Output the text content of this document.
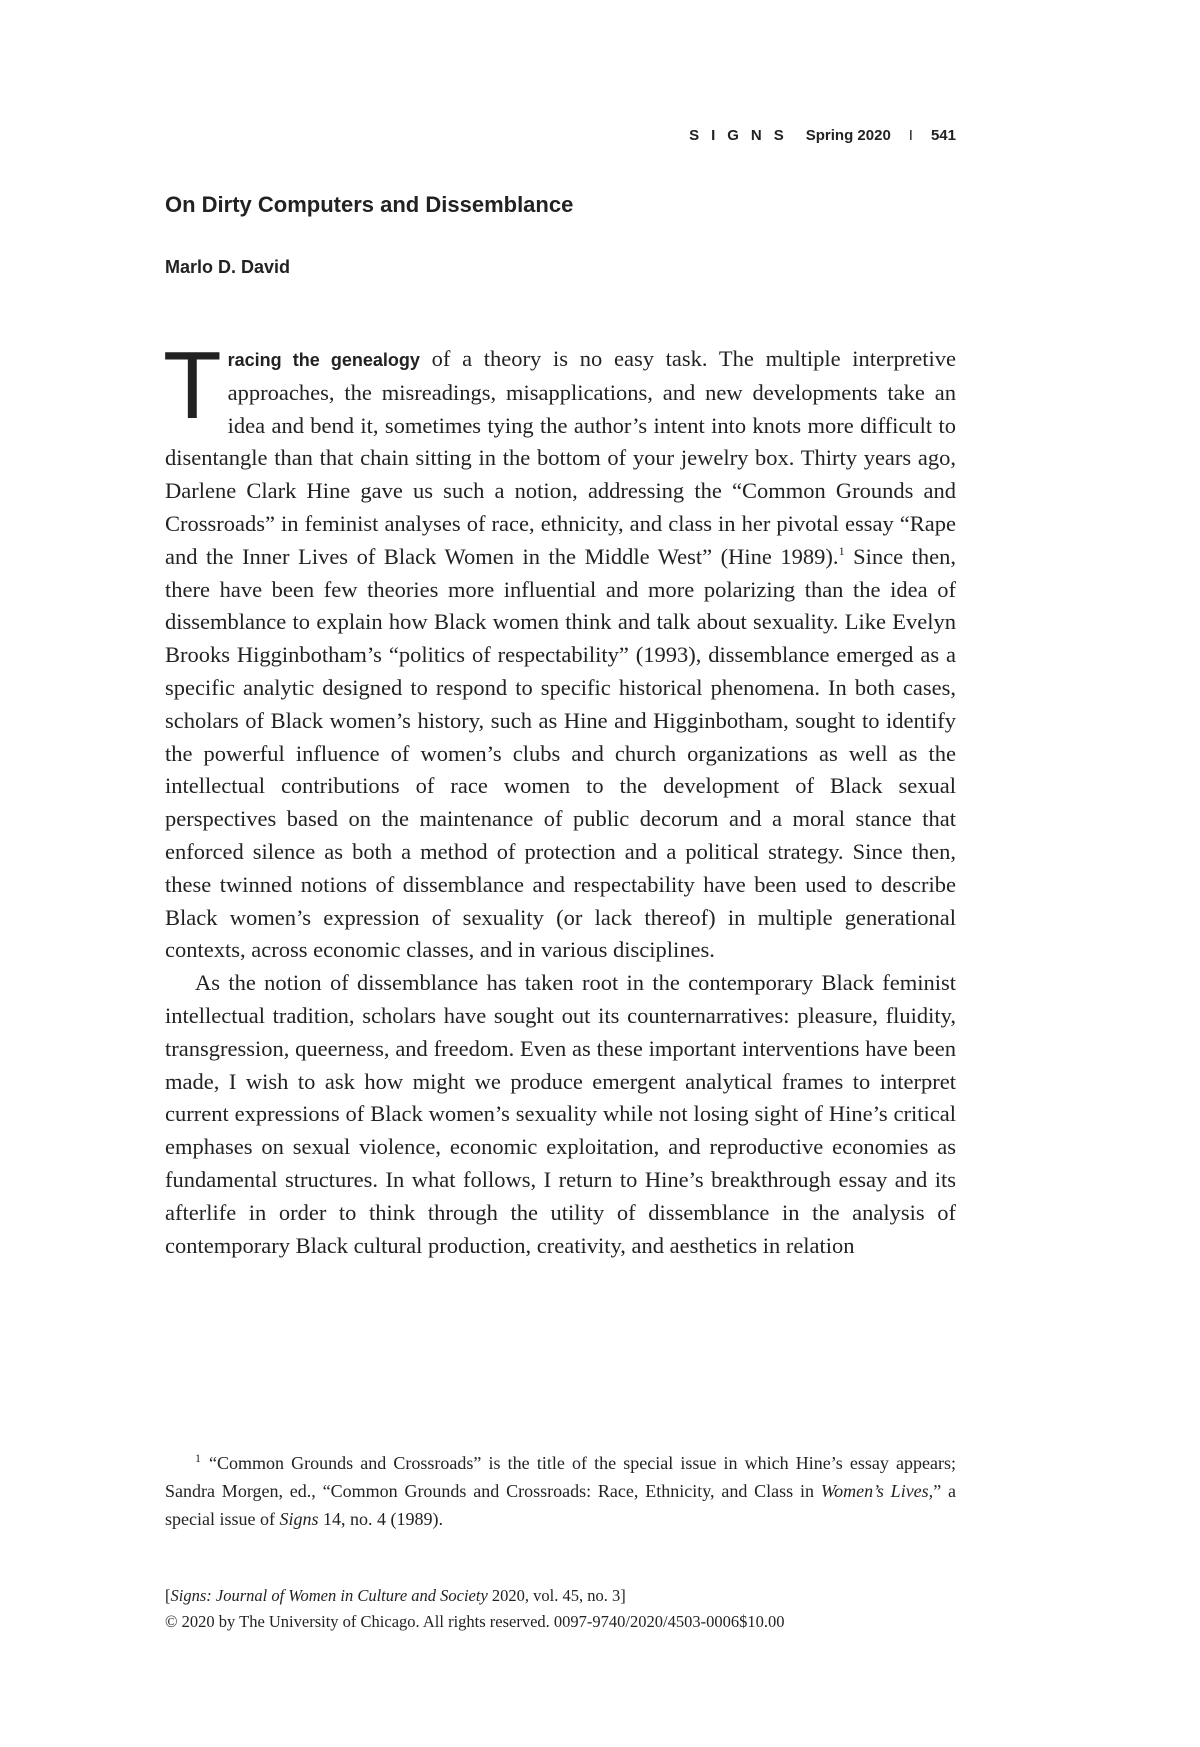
SIGNS Spring 2020 I 541
On Dirty Computers and Dissemblance
Marlo D. David

Tracing the genealogy of a theory is no easy task. The multiple interpretive approaches, the misreadings, misapplications, and new developments take an idea and bend it, sometimes tying the author’s intent into knots more difficult to disentangle than that chain sitting in the bottom of your jewelry box. Thirty years ago, Darlene Clark Hine gave us such a notion, addressing the “Common Grounds and Crossroads” in feminist analyses of race, ethnicity, and class in her pivotal essay “Rape and the Inner Lives of Black Women in the Middle West” (Hine 1989).$^1$ Since then, there have been few theories more influential and more polarizing than the idea of dissemblance to explain how Black women think and talk about sexuality. Like Evelyn Brooks Higginbotham’s “politics of respectability” (1993), dissemblance emerged as a specific analytic designed to respond to specific historical phenomena. In both cases, scholars of Black women’s history, such as Hine and Higginbotham, sought to identify the powerful influence of women’s clubs and church organizations as well as the intellectual contributions of race women to the development of Black sexual perspectives based on the maintenance of public decorum and a moral stance that enforced silence as both a method of protection and a political strategy. Since then, these twinned notions of dissemblance and respectability have been used to describe Black women’s expression of sexuality (or lack thereof) in multiple generational contexts, across economic classes, and in various disciplines.

As the notion of dissemblance has taken root in the contemporary Black feminist intellectual tradition, scholars have sought out its counternarratives: pleasure, fluidity, transgression, queerness, and freedom. Even as these important interventions have been made, I wish to ask how might we produce emergent analytical frames to interpret current expressions of Black women’s sexuality while not losing sight of Hine’s critical emphases on sexual violence, economic exploitation, and reproductive economies as fundamental structures. In what follows, I return to Hine’s breakthrough essay and its afterlife in order to think through the utility of dissemblance in the analysis of contemporary Black cultural production, creativity, and aesthetics in relation

$^1$ “Common Grounds and Crossroads” is the title of the special issue in which Hine’s essay appears; Sandra Morgen, ed., “Common Grounds and Crossroads: Race, Ethnicity, and Class in Women’s Lives,” a special issue of Signs 14, no. 4 (1989).
[Signs: Journal of Women in Culture and Society 2020, vol. 45, no. 3]
© 2020 by The University of Chicago. All rights reserved. 0097-9740/2020/4503-0006$10.00
